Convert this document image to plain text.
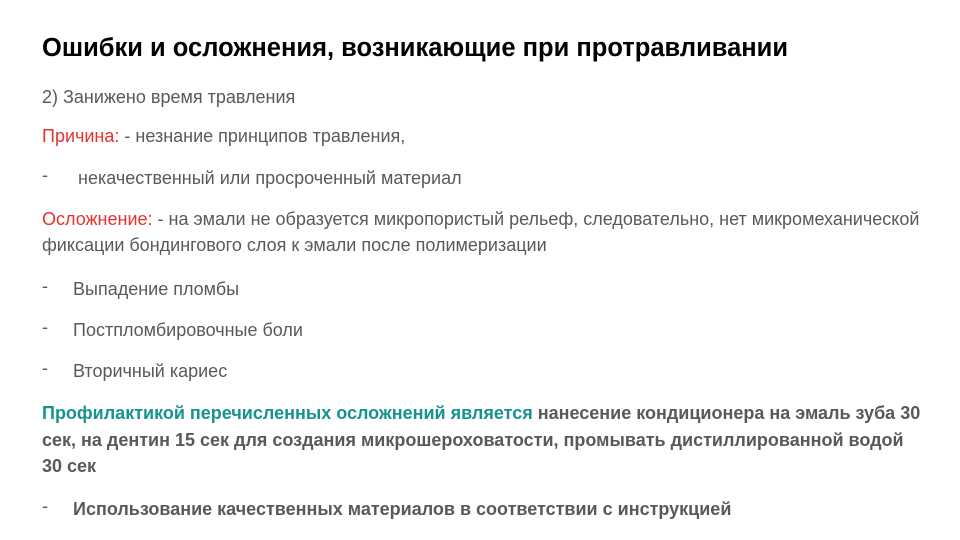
Ошибки и осложнения, возникающие при протравливании
2) Занижено время травления
Причина: - незнание принципов травления,
- некачественный или просроченный материал
Осложнение: - на эмали не образуется микропористый рельеф, следовательно, нет микромеханической фиксации бондингового слоя к эмали после полимеризации
- Выпадение пломбы
- Постпломбировочные боли
- Вторичный кариес
Профилактикой перечисленных осложнений является нанесение кондиционера на эмаль зуба 30 сек, на дентин 15 сек для создания микрошероховатости, промывать дистиллированной водой 30 сек
- Использование качественных материалов в соответствии с инструкцией
